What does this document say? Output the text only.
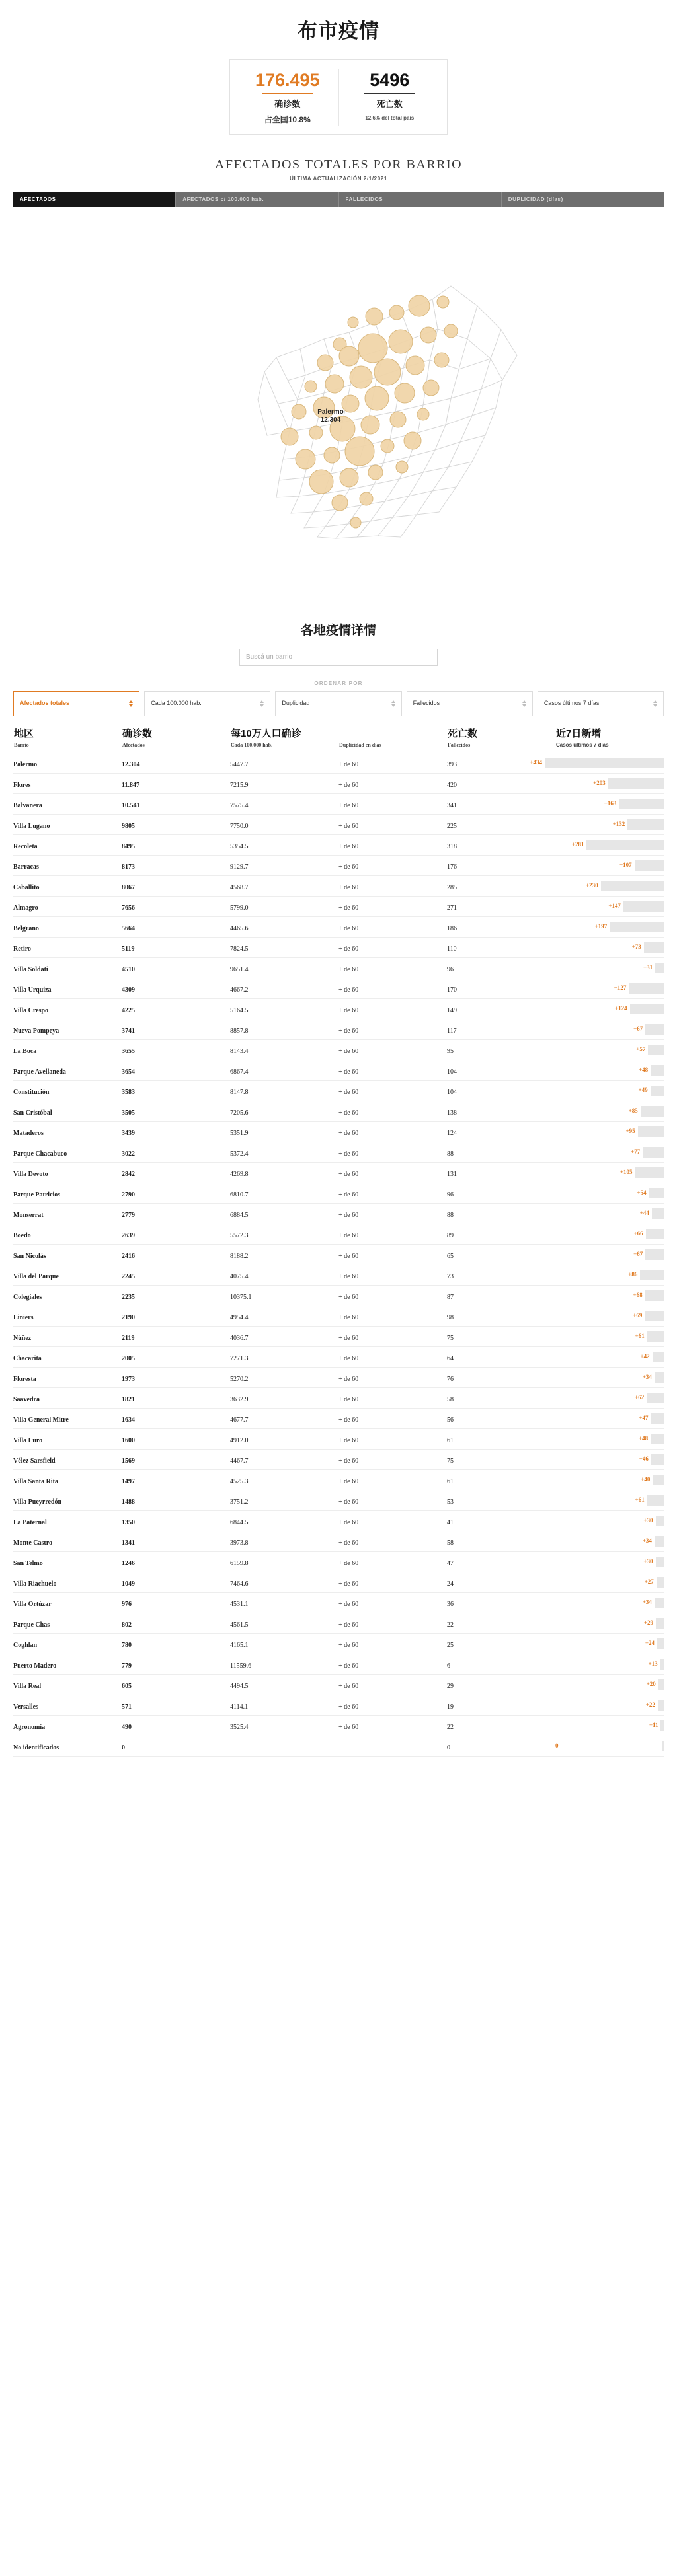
布市疫情
176.495
确诊数
占全国10.8%
5496
死亡数
12.6% del total país
AFECTADOS TOTALES POR BARRIO
ÚLTIMA ACTUALIZACIÓN 2/1/2021
AFECTADOS	AFECTADOS c/ 100.000 hab.	FALLECIDOS	DUPLICIDAD (días)
Palermo
12.304
各地疫情详情
Buscá un barrio
ORDENAR POR
Afectados totales	Cada 100.000 hab.	Duplicidad	Fallecidos	Casos últimos 7 días
地区	确诊数	每10万人口确诊		死亡数	近7日新增
Barrio	Afectados	Cada 100.000 hab.	Duplicidad en días	Fallecidos	Casos últimos 7 días
Palermo	12.304	5447.7	+ de 60	393	+434

Flores	11.847	7215.9	+ de 60	420	+203

Balvanera	10.541	7575.4	+ de 60	341	+163

Villa Lugano	9805	7750.0	+ de 60	225	+132

Recoleta	8495	5354.5	+ de 60	318	+281

Barracas	8173	9129.7	+ de 60	176	+107

Caballito	8067	4568.7	+ de 60	285	+230

Almagro	7656	5799.0	+ de 60	271	+147

Belgrano	5664	4465.6	+ de 60	186	+197

Retiro	5119	7824.5	+ de 60	110	+73

Villa Soldati	4510	9651.4	+ de 60	96	+31

Villa Urquiza	4309	4667.2	+ de 60	170	+127

Villa Crespo	4225	5164.5	+ de 60	149	+124

Nueva Pompeya	3741	8857.8	+ de 60	117	+67

La Boca	3655	8143.4	+ de 60	95	+57

Parque Avellaneda	3654	6867.4	+ de 60	104	+48

Constitución	3583	8147.8	+ de 60	104	+49

San Cristóbal	3505	7205.6	+ de 60	138	+85

Mataderos	3439	5351.9	+ de 60	124	+95

Parque Chacabuco	3022	5372.4	+ de 60	88	+77

Villa Devoto	2842	4269.8	+ de 60	131	+105

Parque Patricios	2790	6810.7	+ de 60	96	+54

Monserrat	2779	6884.5	+ de 60	88	+44

Boedo	2639	5572.3	+ de 60	89	+66

San Nicolás	2416	8188.2	+ de 60	65	+67

Villa del Parque	2245	4075.4	+ de 60	73	+86

Colegiales	2235	10375.1	+ de 60	87	+68

Liniers	2190	4954.4	+ de 60	98	+69

Núñez	2119	4036.7	+ de 60	75	+61

Chacarita	2005	7271.3	+ de 60	64	+42

Floresta	1973	5270.2	+ de 60	76	+34

Saavedra	1821	3632.9	+ de 60	58	+62

Villa General Mitre	1634	4677.7	+ de 60	56	+47

Villa Luro	1600	4912.0	+ de 60	61	+48

Vélez Sarsfield	1569	4467.7	+ de 60	75	+46

Villa Santa Rita	1497	4525.3	+ de 60	61	+40

Villa Pueyrredón	1488	3751.2	+ de 60	53	+61

La Paternal	1350	6844.5	+ de 60	41	+30

Monte Castro	1341	3973.8	+ de 60	58	+34

San Telmo	1246	6159.8	+ de 60	47	+30

Villa Riachuelo	1049	7464.6	+ de 60	24	+27

Villa Ortúzar	976	4531.1	+ de 60	36	+34

Parque Chas	802	4561.5	+ de 60	22	+29

Coghlan	780	4165.1	+ de 60	25	+24

Puerto Madero	779	11559.6	+ de 60	6	+13

Villa Real	605	4494.5	+ de 60	29	+20

Versalles	571	4114.1	+ de 60	19	+22

Agronomía	490	3525.4	+ de 60	22	+11

No identificados	0	-	-	0	0
